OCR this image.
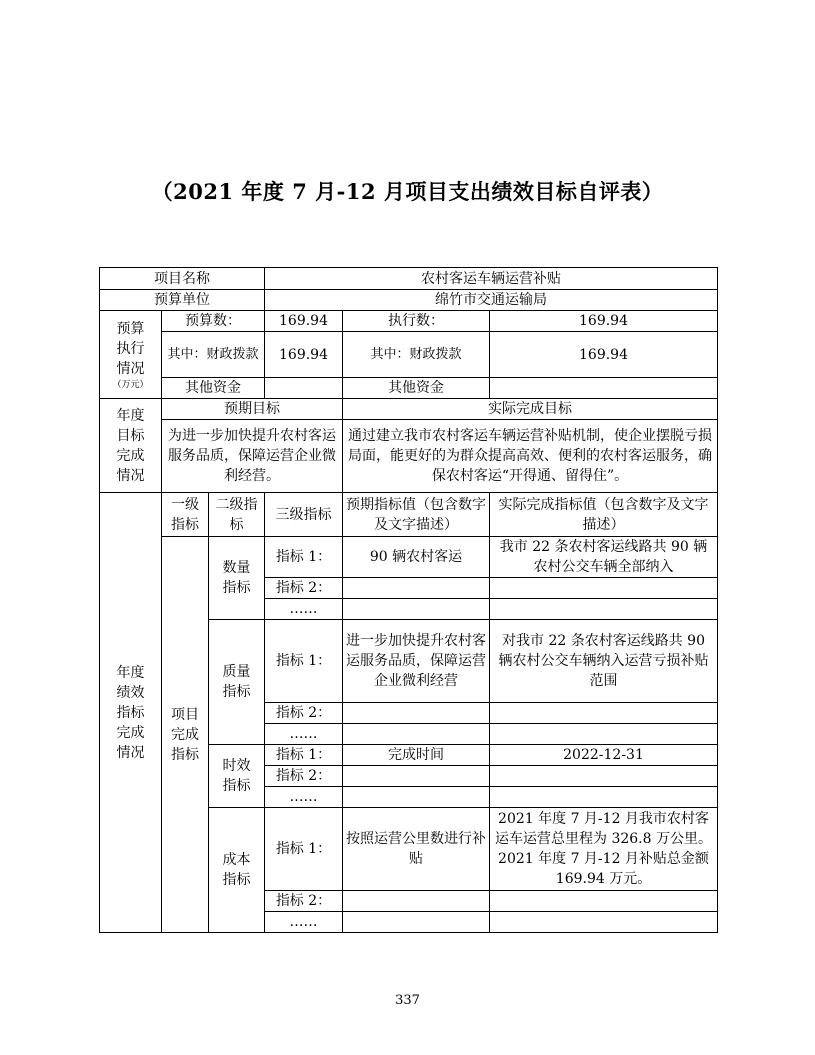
（2021 年度 7 月-12 月项目支出绩效目标自评表）
项目名称			农村客运车辆运营补贴		
预算单位			绵竹市交通运输局		

预算执行情况
（万元）	预算数：		169.94	执行数：	169.94
	其中：财政拨款		169.94	其中：财政拨款	169.94
	其他资金			其他资金	

年度目标完成情况	预期目标			实际完成目标	
	为进一步加快提升农村客运服务品质，保障运营企业微利经营。			通过建立我市农村客运车辆运营补贴机制，使企业摆脱亏损局面，能更好的为群众提高高效、便利的农村客运服务，确保农村客运“开得通、留得住”。	

年度绩效指标完成情况	一级指标	二级指标	三级指标	预期指标值（包含数字及文字描述）	实际完成指标值（包含数字及文字描述）

	项目完成指标	数量指标	指标 1：	90 辆农村客运	我市 22 条农村客运线路共 90 辆农村公交车辆全部纳入
			指标 2：		
			……		

		质量指标	指标 1：	进一步加快提升农村客运服务品质，保障运营企业微利经营	对我市 22 条农村客运线路共 90 辆农村公交车辆纳入运营亏损补贴范围
			指标 2：		
			……		

		时效指标	指标 1：	完成时间	2022-12-31
			指标 2：		
			……		

		成本指标	指标 1：	按照运营公里数进行补贴	2021 年度 7 月-12 月我市农村客运车运营总里程为 326.8 万公里。2021 年度 7 月-12 月补贴总金额 169.94 万元。
			指标 2：		
			……		
337
